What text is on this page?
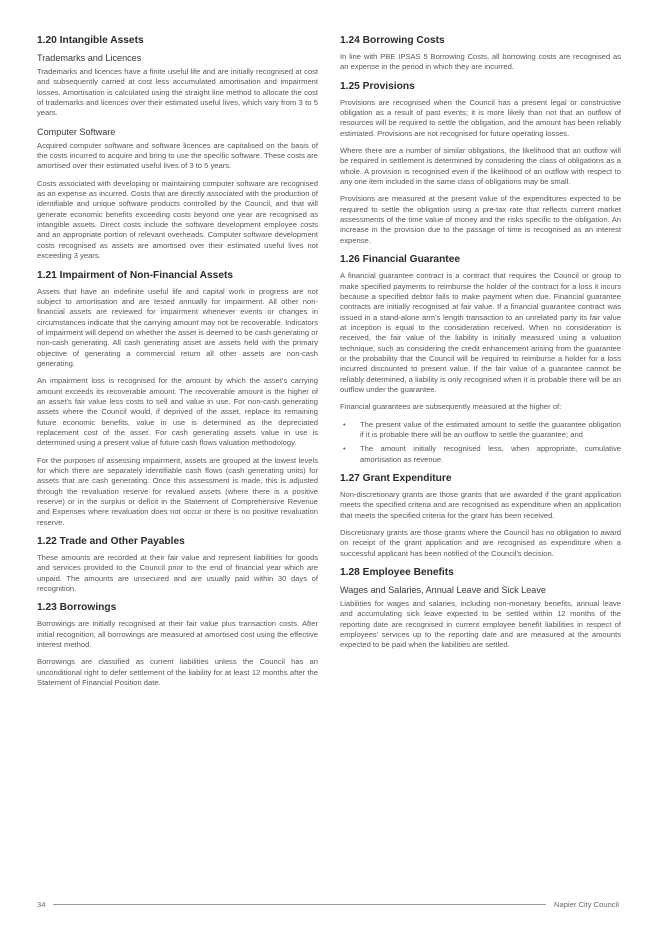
1.20 Intangible Assets
Trademarks and Licences

Trademarks and licences have a finite useful life and are initially recognised at cost and subsequently carried at cost less accumulated amortisation and impairment losses. Amortisation is calculated using the straight line method to allocate the cost of trademarks and licences over their estimated useful lives, which vary from 3 to 5 years.

Computer Software

Acquired computer software and software licences are capitalised on the basis of the costs incurred to acquire and bring to use the specific software. These costs are amortised over their estimated useful lives of 3 to 5 years.

Costs associated with developing or maintaining computer software are recognised as an expense as incurred. Costs that are directly associated with the production of identifiable and unique software products controlled by the Council, and that will generate economic benefits exceeding costs beyond one year are recognised as intangible assets. Direct costs include the software development employee costs and an appropriate portion of relevant overheads. Computer software development costs recognised as assets are amortised over their estimated useful lives not exceeding 3 years.

1.21 Impairment of Non-Financial Assets

Assets that have an indefinite useful life and capital work in progress are not subject to amortisation and are tested annually for impairment. All other non-financial assets are reviewed for impairment whenever events or changes in circumstances indicate that the carrying amount may not be recoverable. Indicators of impairment will depend on whether the asset is deemed to be cash generating or non-cash generating. All cash generating asset are assets held with the primary objective of generating a commercial return all other assets are non-cash generating.

An impairment loss is recognised for the amount by which the asset's carrying amount exceeds its recoverable amount. The recoverable amount is the higher of an asset's fair value less costs to sell and value in use. For non-cash generating assets where the Council would, if deprived of the asset, replace its remaining future economic benefits, value in use is determined as the depreciated replacement cost of the asset. For cash generating assets value in use is determined using a present value of future cash flows valuation methodology.

For the purposes of assessing impairment, assets are grouped at the lowest levels for which there are separately identifiable cash flows (cash generating units) for assets that are cash generating. Once this assessment is made, this is adjusted through the revaluation reserve for revalued assets (where there is a positive reserve) or in the surplus or deficit in the Statement of Comprehensive Revenue and Expenses where revaluation does not occur or there is no positive revaluation reserve.

1.22 Trade and Other Payables

These amounts are recorded at their fair value and represent liabilities for goods and services provided to the Council prior to the end of financial year which are unpaid. The amounts are unsecured and are usually paid within 30 days of recognition.

1.23 Borrowings

Borrowings are initially recognised at their fair value plus transaction costs. After initial recognition, all borrowings are measured at amortised cost using the effective interest method.

Borrowings are classified as current liabilities unless the Council has an unconditional right to defer settlement of the liability for at least 12 months after the Statement of Financial Position date.

1.24 Borrowing Costs

In line with PBE IPSAS 5 Borrowing Costs, all borrowing costs are recognised as an expense in the period in which they are incurred.

1.25 Provisions

Provisions are recognised when the Council has a present legal or constructive obligation as a result of past events; it is more likely than not that an outflow of resources will be required to settle the obligation, and the amount has been reliably estimated. Provisions are not recognised for future operating losses.

Where there are a number of similar obligations, the likelihood that an outflow will be required in settlement is determined by considering the class of obligations as a whole. A provision is recognised even if the likelihood of an outflow with respect to any one item included in the same class of obligations may be small.

Provisions are measured at the present value of the expenditures expected to be required to settle the obligation using a pre-tax rate that reflects current market assessments of the time value of money and the risks specific to the obligation. An increase in the provision due to the passage of time is recognised as an interest expense.

1.26 Financial Guarantee

A financial guarantee contract is a contract that requires the Council or group to make specified payments to reimburse the holder of the contract for a loss it incurs because a specified debtor fails to make payment when due. Financial guarantee contracts are initially recognised at fair value. If a financial guarantee contract was issued in a stand-alone arm's length transaction to an unrelated party its fair value at inception is equal to the consideration received. When no consideration is received, the fair value of the liability is initially measured using a valuation technique, such as considering the credit enhancement arising from the guarantee or the probability that the Council will be required to reimburse a holder for a loss incurred discounted to present value. If the fair value of a guarantee cannot be reliably determined, a liability is only recognised when it is probable there will be an outflow under the guarantee.

Financial guarantees are subsequently measured at the higher of:

• The present value of the estimated amount to settle the guarantee obligation if it is probable there will be an outflow to settle the guarantee; and
• The amount initially recognised less, when appropriate, cumulative amortisation as revenue.
1.27 Grant Expenditure

Non-discretionary grants are those grants that are awarded if the grant application meets the specified criteria and are recognised as expenditure when an application that meets the specified criteria for the grant has been received.

Discretionary grants are those grants where the Council has no obligation to award on receipt of the grant application and are recognised as expenditure when a successful applicant has been notified of the Council's decision.

1.28 Employee Benefits
Wages and Salaries, Annual Leave and Sick Leave

Liabilities for wages and salaries, including non-monetary benefits, annual leave and accumulating sick leave expected to be settled within 12 months of the reporting date are recognised in current employee benefit liabilities in respect of employees' services up to the reporting date and are measured at the amounts expected to be paid when the liabilities are settled.

34	Napier City Council
